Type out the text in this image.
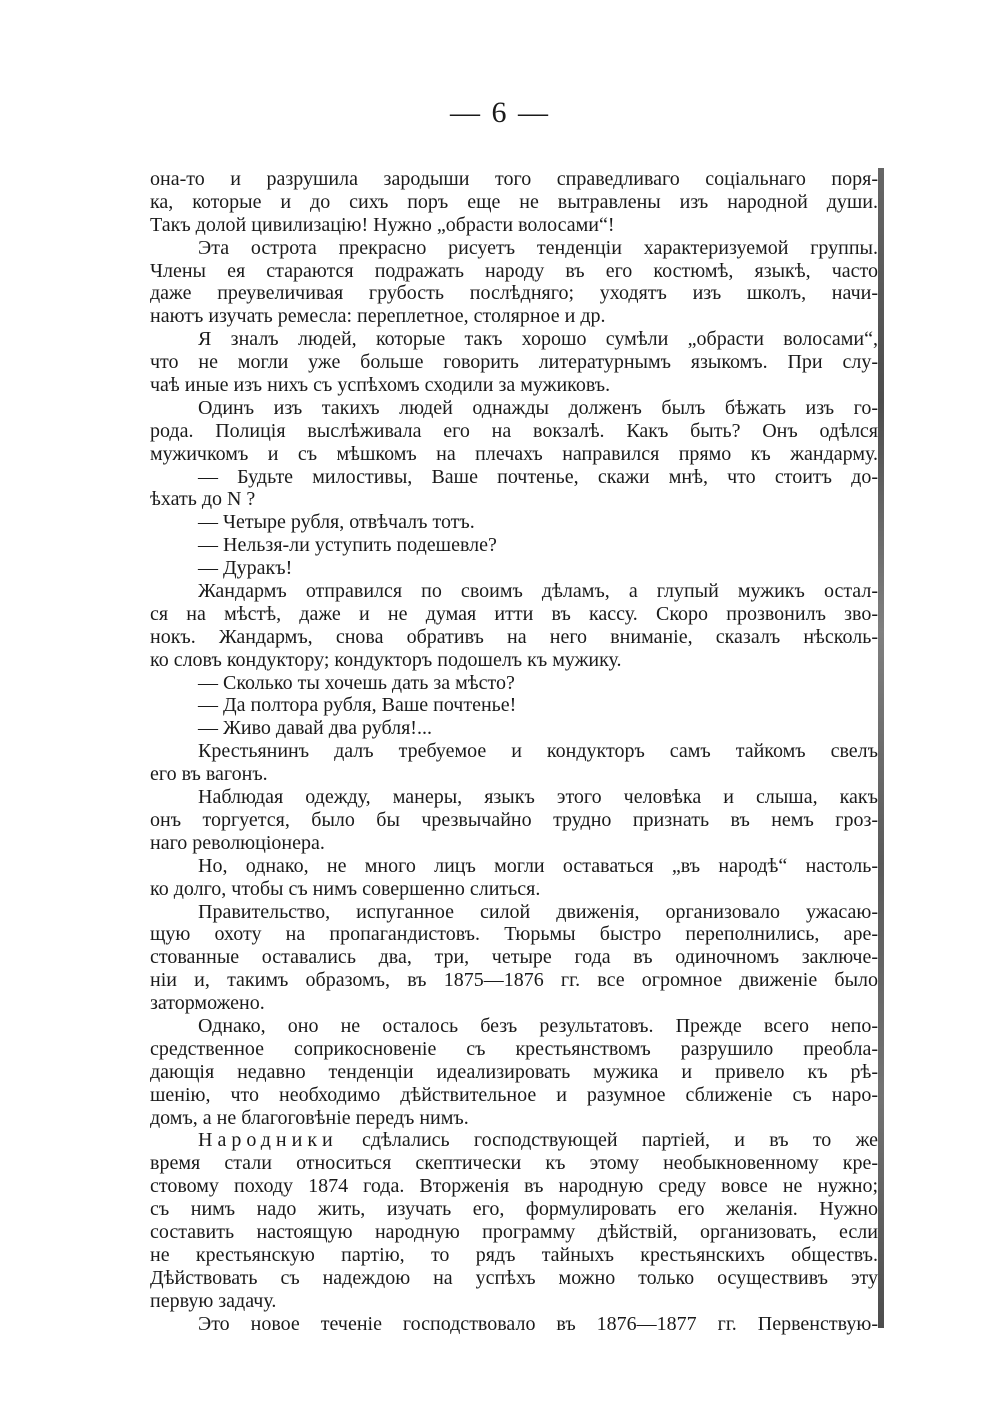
— 6 —
она-то и разрушила зародыши того справедливаго соціальнаго поря-
ка, которые и до сихъ поръ еще не вытравлены изъ народной души.
Такъ долой цивилизацію! Нужно „обрасти волосами“!
Эта острота прекрасно рисуетъ тенденціи характеризуемой группы.
Члены ея стараются подражать народу въ его костюмѣ, языкѣ, часто
даже преувеличивая грубость послѣдняго; уходятъ изъ школъ, начи-
наютъ изучать ремесла: переплетное, столярное и др.
Я зналъ людей, которые такъ хорошо сумѣли „обрасти волосами“,
что не могли уже больше говорить литературнымъ языкомъ. При слу-
чаѣ иные изъ нихъ съ успѣхомъ сходили за мужиковъ.
Одинъ изъ такихъ людей однажды долженъ былъ бѣжать изъ го-
рода. Полиція выслѣживала его на вокзалѣ. Какъ быть? Онъ одѣлся
мужичкомъ и съ мѣшкомъ на плечахъ направился прямо къ жандарму.
— Будьте милостивы, Ваше почтенье, скажи мнѣ, что стоитъ до-
ѣхать до N ?
— Четыре рубля, отвѣчалъ тотъ.
— Нельзя-ли уступить подешевле?
— Дуракъ!
Жандармъ отправился по своимъ дѣламъ, а глупый мужикъ остал-
ся на мѣстѣ, даже и не думая итти въ кассу. Скоро прозвонилъ зво-
нокъ. Жандармъ, снова обративъ на него вниманіе, сказалъ нѣсколь-
ко словъ кондуктору; кондукторъ подошелъ къ мужику.
— Сколько ты хочешь дать за мѣсто?
— Да полтора рубля, Ваше почтенье!
— Живо давай два рубля!...
Крестьянинъ далъ требуемое и кондукторъ самъ тайкомъ свелъ
его въ вагонъ.
Наблюдая одежду, манеры, языкъ этого человѣка и слыша, какъ
онъ торгуется, было бы чрезвычайно трудно признать въ немъ гроз-
наго революціонера.
Но, однако, не много лицъ могли оставаться „въ народѣ“ настоль-
ко долго, чтобы съ нимъ совершенно слиться.
Правительство, испуганное силой движенія, организовало ужасаю-
щую охоту на пропагандистовъ. Тюрьмы быстро переполнились, аре-
стованные оставались два, три, четыре года въ одиночномъ заключе-
ніи и, такимъ образомъ, въ 1875—1876 гг. все огромное движеніе было
заторможено.
Однако, оно не осталось безъ результатовъ. Прежде всего непо-
средственное соприкосновеніе съ крестьянствомъ разрушило преобла-
дающія недавно тенденціи идеализировать мужика и привело къ рѣ-
шенію, что необходимо дѣйствительное и разумное сближеніе съ наро-
домъ, а не благоговѣніе передъ нимъ.
Народники сдѣлались господствующей партіей, и въ то же
время стали относиться скептически къ этому необыкновенному кре-
стовому походу 1874 года. Вторженія въ народную среду вовсе не нужно;
съ нимъ надо жить, изучать его, формулировать его желанія. Нужно
составить настоящую народную программу дѣйствій, организовать, если
не крестьянскую партію, то рядъ тайныхъ крестьянскихъ обществъ.
Дѣйствовать съ надеждою на успѣхъ можно только осуществивъ эту
первую задачу.
Это новое теченіе господствовало въ 1876—1877 гг. Первенствую-
